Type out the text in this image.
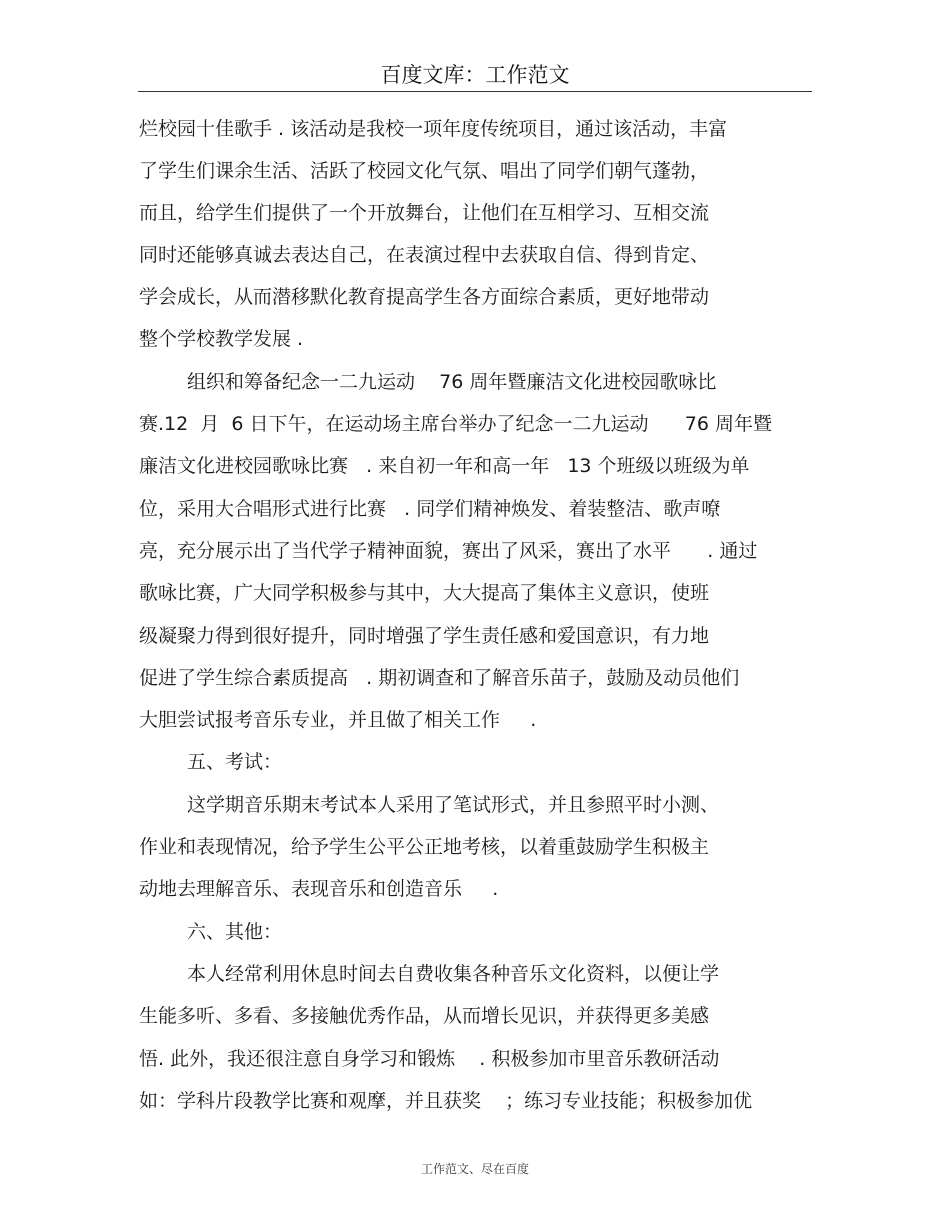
百度文库：工作范文
烂校园十佳歌手 . 该活动是我校一项年度传统项目，通过该活动，丰富
了学生们课余生活、活跃了校园文化气氛、唱出了同学们朝气蓬勃，
而且，给学生们提供了一个开放舞台，让他们在互相学习、互相交流
同时还能够真诚去表达自己，在表演过程中去获取自信、得到肯定、
学会成长，从而潜移默化教育提高学生各方面综合素质，更好地带动
整个学校教学发展 .
组织和筹备纪念一二九运动    76 周年暨廉洁文化进校园歌咏比
赛.12  月  6 日下午，在运动场主席台举办了纪念一二九运动      76 周年暨
廉洁文化进校园歌咏比赛   . 来自初一年和高一年   13 个班级以班级为单
位，采用大合唱形式进行比赛   . 同学们精神焕发、着装整洁、歌声嘹
亮，充分展示出了当代学子精神面貌，赛出了风采，赛出了水平      . 通过
歌咏比赛，广大同学积极参与其中，大大提高了集体主义意识，使班
级凝聚力得到很好提升，同时增强了学生责任感和爱国意识，有力地
促进了学生综合素质提高   . 期初调查和了解音乐苗子，鼓励及动员他们
大胆尝试报考音乐专业，并且做了相关工作     .
五、考试：
这学期音乐期末考试本人采用了笔试形式，并且参照平时小测、
作业和表现情况，给予学生公平公正地考核，以着重鼓励学生积极主
动地去理解音乐、表现音乐和创造音乐     .
六、其他：
本人经常利用休息时间去自费收集各种音乐文化资料，以便让学
生能多听、多看、多接触优秀作品，从而增长见识，并获得更多美感
悟. 此外，我还很注意自身学习和锻炼    . 积极参加市里音乐教研活动
如：学科片段教学比赛和观摩，并且获奖    ；练习专业技能；积极参加优
工作范文、尽在百度
